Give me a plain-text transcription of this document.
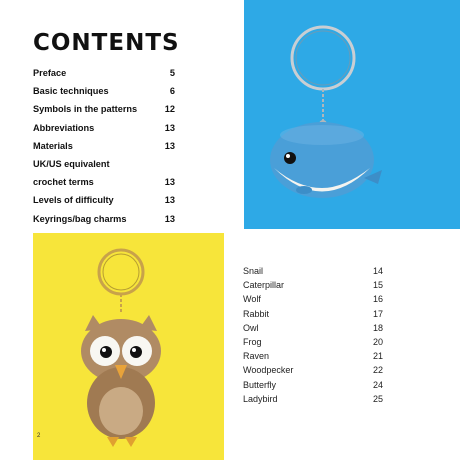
CONTENTS
Preface	5
Basic techniques	6
Symbols in the patterns	12
Abbreviations	13
Materials	13
UK/US equivalent
crochet terms	13
Levels of difficulty	13
Keyrings/bag charms	13
2
Snail	14
Caterpillar	15
Wolf	16
Rabbit	17
Owl	18
Frog	20
Raven	21
Woodpecker	22
Butterfly	24
Ladybird	25
